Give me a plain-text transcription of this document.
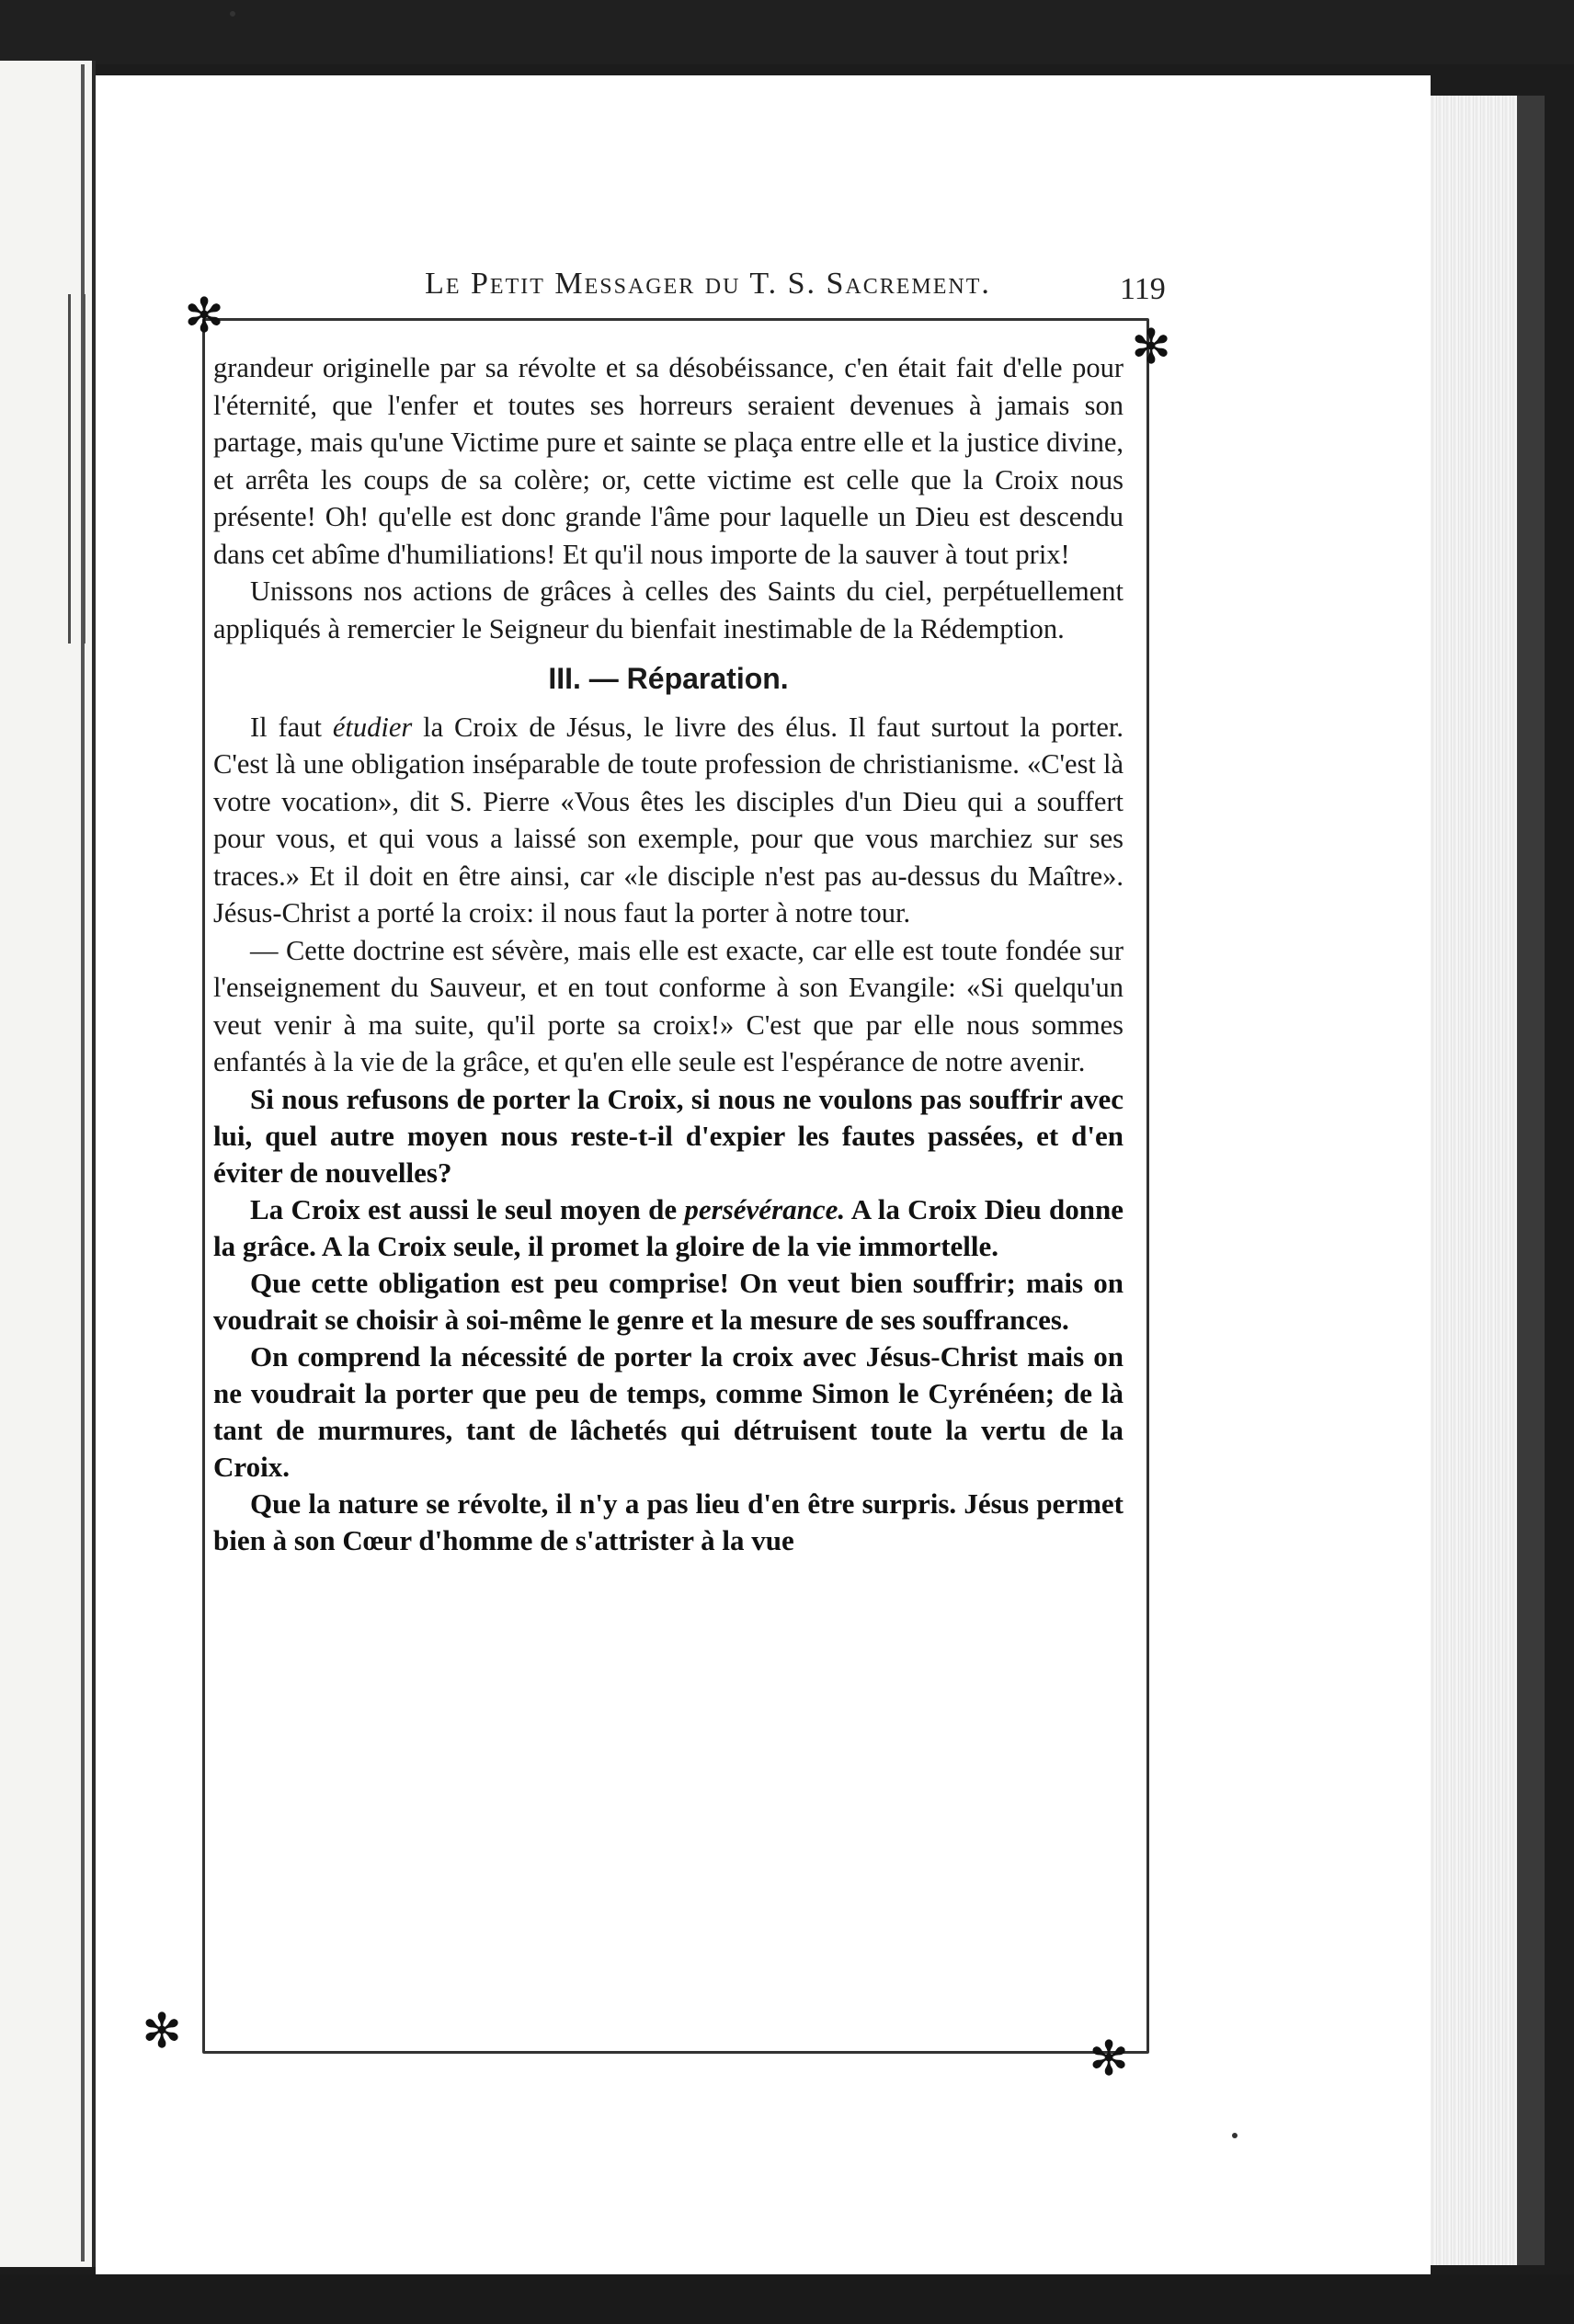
Le Petit Messager du T. S. Sacrement.	119
✻
✻
✻	✻

grandeur originelle par sa révolte et sa désobéissance, c'en était fait d'elle pour l'éternité, que l'enfer et toutes ses horreurs seraient devenues à jamais son partage, mais qu'une Victime pure et sainte se plaça entre elle et la justice divine, et arrêta les coups de sa colère; or, cette victime est celle que la Croix nous présente! Oh! qu'elle est donc grande l'âme pour laquelle un Dieu est descendu dans cet abîme d'humiliations! Et qu'il nous importe de la sauver à tout prix!

Unissons nos actions de grâces à celles des Saints du ciel, perpétuellement appliqués à remercier le Seigneur du bienfait inestimable de la Rédemption.

III. — Réparation.

Il faut étudier la Croix de Jésus, le livre des élus. Il faut surtout la porter. C'est là une obligation inséparable de toute profession de christianisme. «C'est là votre vocation», dit S. Pierre «Vous êtes les disciples d'un Dieu qui a souffert pour vous, et qui vous a laissé son exemple, pour que vous marchiez sur ses traces.» Et il doit en être ainsi, car «le disciple n'est pas au-dessus du Maître». Jésus-Christ a porté la croix: il nous faut la porter à notre tour.

— Cette doctrine est sévère, mais elle est exacte, car elle est toute fondée sur l'enseignement du Sauveur, et en tout conforme à son Evangile: «Si quelqu'un veut venir à ma suite, qu'il porte sa croix!» C'est que par elle nous sommes enfantés à la vie de la grâce, et qu'en elle seule est l'espérance de notre avenir.

Si nous refusons de porter la Croix, si nous ne voulons pas souffrir avec lui, quel autre moyen nous reste-t-il d'expier les fautes passées, et d'en éviter de nouvelles?

La Croix est aussi le seul moyen de persévérance. A la Croix Dieu donne la grâce. A la Croix seule, il promet la gloire de la vie immortelle.

Que cette obligation est peu comprise! On veut bien souffrir; mais on voudrait se choisir à soi-même le genre et la mesure de ses souffrances.

On comprend la nécessité de porter la croix avec Jésus-Christ mais on ne voudrait la porter que peu de temps, comme Simon le Cyrénéen; de là tant de murmures, tant de lâchetés qui détruisent toute la vertu de la Croix.

Que la nature se révolte, il n'y a pas lieu d'en être surpris. Jésus permet bien à son Cœur d'homme de s'attrister à la vue
